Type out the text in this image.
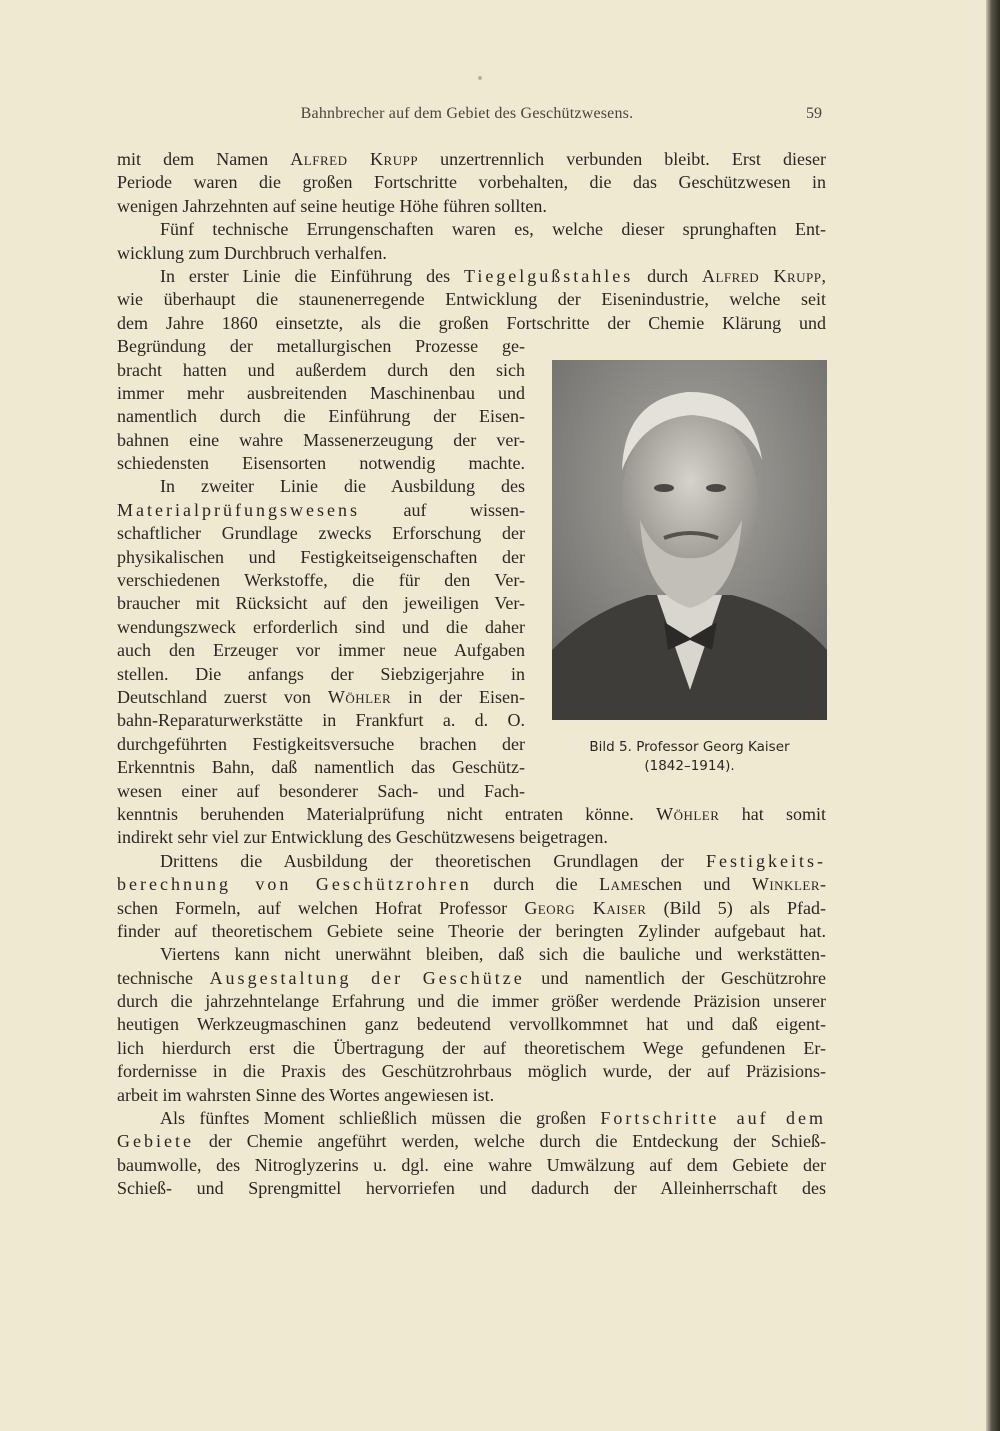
Bahnbrecher auf dem Gebiet des Geschützwesens.	59
mit dem Namen Alfred Krupp unzertrennlich verbunden bleibt. Erst dieser
Periode waren die großen Fortschritte vorbehalten, die das Geschützwesen in
wenigen Jahrzehnten auf seine heutige Höhe führen sollten.
Fünf technische Errungenschaften waren es, welche dieser sprunghaften Ent-
wicklung zum Durchbruch verhalfen.
In erster Linie die Einführung des Tiegelgußstahles durch Alfred Krupp,
wie überhaupt die staunenerregende Entwicklung der Eisenindustrie, welche seit
dem Jahre 1860 einsetzte, als die großen Fortschritte der Chemie Klärung und
Begründung der metallurgischen Prozesse ge-
bracht hatten und außerdem durch den sich
immer mehr ausbreitenden Maschinenbau und
namentlich durch die Einführung der Eisen-
bahnen eine wahre Massenerzeugung der ver-
schiedensten Eisensorten notwendig machte.
In zweiter Linie die Ausbildung des
Materialprüfungswesens auf wissen-
schaftlicher Grundlage zwecks Erforschung der
physikalischen und Festigkeitseigenschaften der
verschiedenen Werkstoffe, die für den Ver-
braucher mit Rücksicht auf den jeweiligen Ver-
wendungszweck erforderlich sind und die daher
auch den Erzeuger vor immer neue Aufgaben
stellen. Die anfangs der Siebzigerjahre in
Deutschland zuerst von Wöhler in der Eisen-
bahn-Reparaturwerkstätte in Frankfurt a. d. O.
durchgeführten Festigkeitsversuche brachen der
Erkenntnis Bahn, daß namentlich das Geschütz-
wesen einer auf besonderer Sach- und Fach-
kenntnis beruhenden Materialprüfung nicht entraten könne. Wöhler hat somit
indirekt sehr viel zur Entwicklung des Geschützwesens beigetragen.
Drittens die Ausbildung der theoretischen Grundlagen der Festigkeits-
berechnung von Geschützrohren durch die Lameschen und Winkler-
schen Formeln, auf welchen Hofrat Professor Georg Kaiser (Bild 5) als Pfad-
finder auf theoretischem Gebiete seine Theorie der beringten Zylinder aufgebaut hat.
Viertens kann nicht unerwähnt bleiben, daß sich die bauliche und werkstätten-
technische Ausgestaltung der Geschütze und namentlich der Geschützrohre
durch die jahrzehntelange Erfahrung und die immer größer werdende Präzision unserer
heutigen Werkzeugmaschinen ganz bedeutend vervollkommnet hat und daß eigent-
lich hierdurch erst die Übertragung der auf theoretischem Wege gefundenen Er-
fordernisse in die Praxis des Geschützrohrbaus möglich wurde, der auf Präzisions-
arbeit im wahrsten Sinne des Wortes angewiesen ist.
Als fünftes Moment schließlich müssen die großen Fortschritte auf dem
Gebiete der Chemie angeführt werden, welche durch die Entdeckung der Schieß-
baumwolle, des Nitroglyzerins u. dgl. eine wahre Umwälzung auf dem Gebiete der
Schieß- und Sprengmittel hervorriefen und dadurch der Alleinherrschaft des
Bild 5. Professor Georg Kaiser
(1842–1914).
